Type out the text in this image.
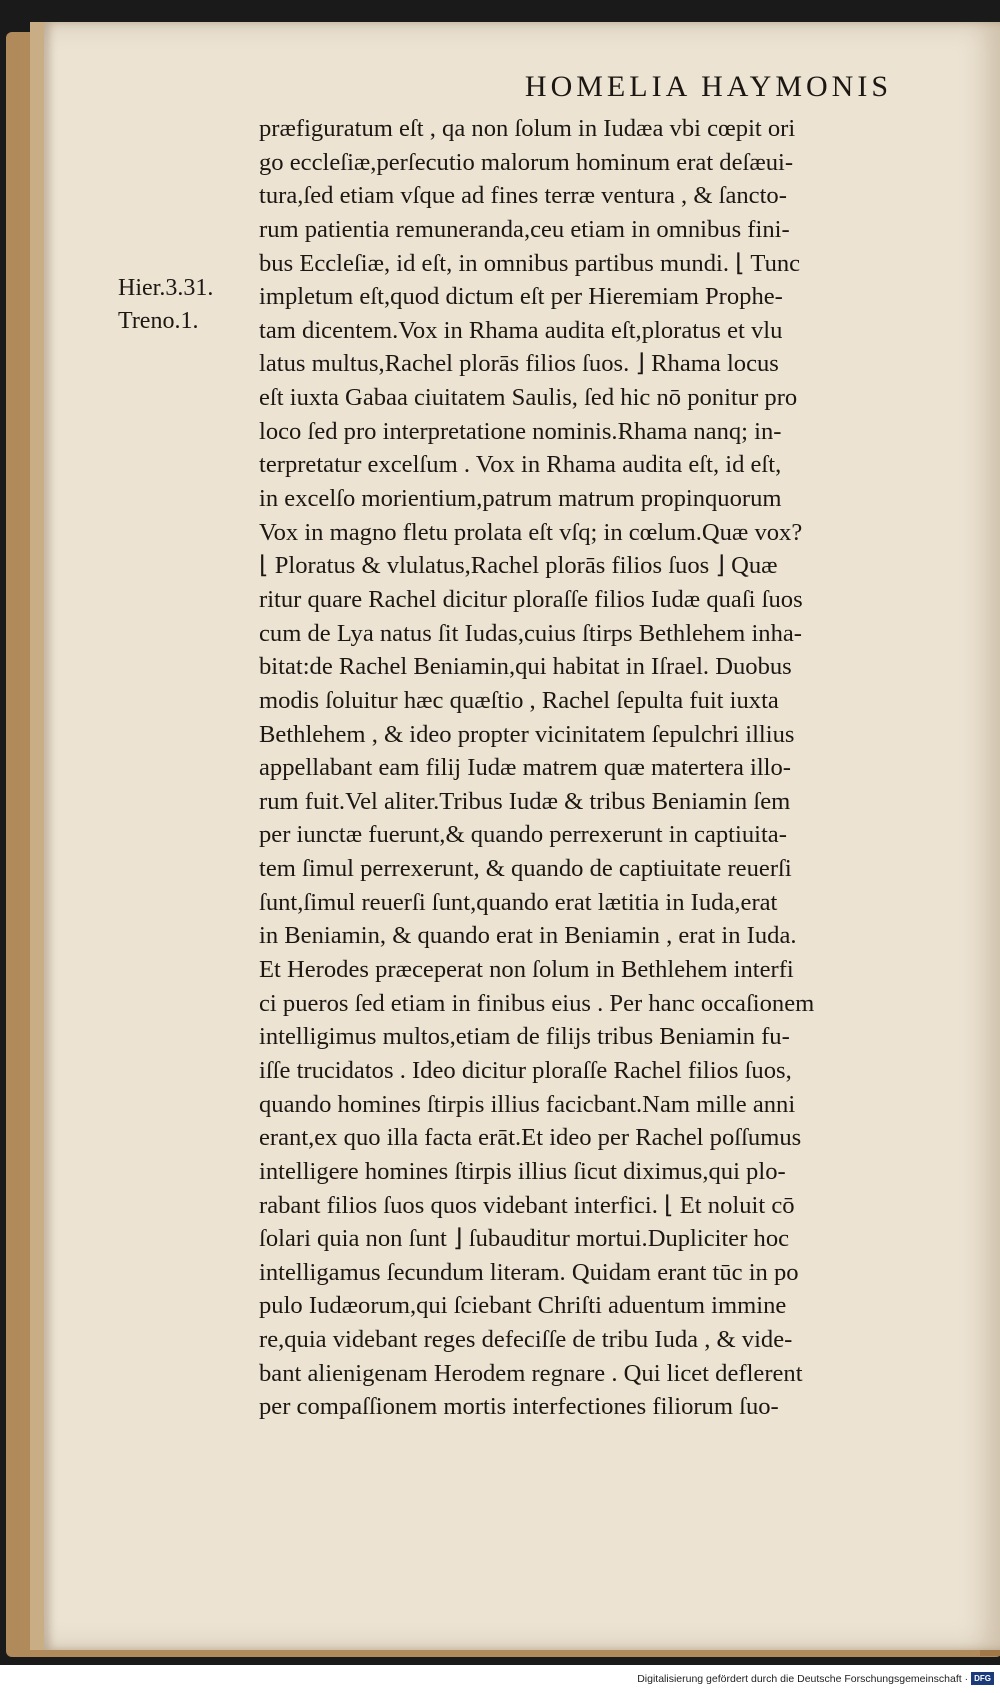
HOMELIA HAYMONIS
Hier.3.31.
Treno.1.
præfiguratum eſt , qa non ſolum in Iudæa vbi cœpit ori
go eccleſiæ,perſecutio malorum hominum erat deſæui-
tura,ſed etiam vſque ad fines terræ ventura , & ſancto-
rum patientia remuneranda,ceu etiam in omnibus fini-
bus Eccleſiæ, id eſt, in omnibus partibus mundi. ⌊ Tunc
impletum eſt,quod dictum eſt per Hieremiam Prophe-
tam dicentem.Vox in Rhama audita eſt,ploratus et vlu
latus multus,Rachel plorās filios ſuos. ⌋ Rhama locus
eſt iuxta Gabaa ciuitatem Saulis, ſed hic nō ponitur pro
loco ſed pro interpretatione nominis.Rhama nanq; in-
terpretatur excelſum . Vox in Rhama audita eſt, id eſt,
in excelſo morientium,patrum matrum propinquorum
Vox in magno fletu prolata eſt vſq; in cœlum.Quæ vox?
⌊ Ploratus & vlulatus,Rachel plorās filios ſuos ⌋ Quæ
ritur quare Rachel dicitur ploraſſe filios Iudæ quaſi ſuos
cum de Lya natus ſit Iudas,cuius ſtirps Bethlehem inha-
bitat:de Rachel Beniamin,qui habitat in Iſrael. Duobus
modis ſoluitur hæc quæſtio , Rachel ſepulta fuit iuxta
Bethlehem , & ideo propter vicinitatem ſepulchri illius
appellabant eam filij Iudæ matrem quæ matertera illo-
rum fuit.Vel aliter.Tribus Iudæ & tribus Beniamin ſem
per iunctæ fuerunt,& quando perrexerunt in captiuita-
tem ſimul perrexerunt, & quando de captiuitate reuerſi
ſunt,ſimul reuerſi ſunt,quando erat lætitia in Iuda,erat
in Beniamin, & quando erat in Beniamin , erat in Iuda.
Et Herodes præceperat non ſolum in Bethlehem interfi
ci pueros ſed etiam in finibus eius . Per hanc occaſionem
intelligimus multos,etiam de filijs tribus Beniamin fu-
iſſe trucidatos . Ideo dicitur ploraſſe Rachel filios ſuos,
quando homines ſtirpis illius facicbant.Nam mille anni
erant,ex quo illa facta erāt.Et ideo per Rachel poſſumus
intelligere homines ſtirpis illius ſicut diximus,qui plo-
rabant filios ſuos quos videbant interfici. ⌊ Et noluit cō
ſolari quia non ſunt ⌋ ſubauditur mortui.Dupliciter hoc
intelligamus ſecundum literam. Quidam erant tūc in po
pulo Iudæorum,qui ſciebant Chriſti aduentum immine
re,quia videbant reges defeciſſe de tribu Iuda , & vide-
bant alienigenam Herodem regnare . Qui licet deflerent
per compaſſionem mortis interfectiones filiorum ſuo-
Digitalisierung gefördert durch die Deutsche Forschungsgemeinschaft · DFG
